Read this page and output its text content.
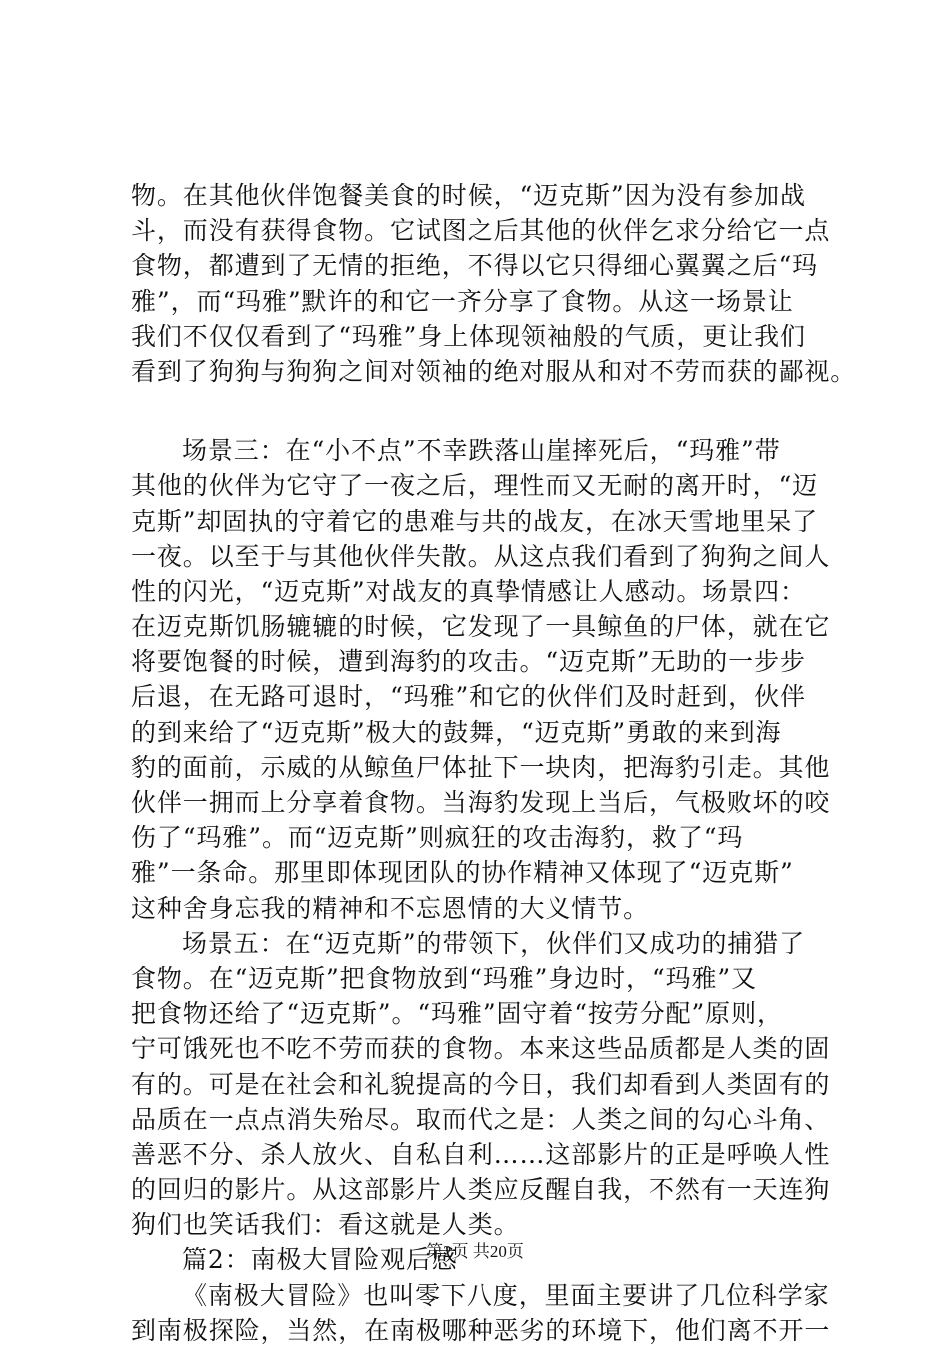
物。在其他伙伴饱餐美食的时候，“迈克斯”因为没有参加战
斗，而没有获得食物。它试图之后其他的伙伴乞求分给它一点
食物，都遭到了无情的拒绝，不得以它只得细心翼翼之后“玛
雅”，而“玛雅”默许的和它一齐分享了食物。从这一场景让
我们不仅仅看到了“玛雅”身上体现领袖般的气质，更让我们
看到了狗狗与狗狗之间对领袖的绝对服从和对不劳而获的鄙视。
场景三：在“小不点”不幸跌落山崖摔死后，“玛雅”带
其他的伙伴为它守了一夜之后，理性而又无耐的离开时，“迈
克斯”却固执的守着它的患难与共的战友，在冰天雪地里呆了
一夜。以至于与其他伙伴失散。从这点我们看到了狗狗之间人
性的闪光，“迈克斯”对战友的真挚情感让人感动。场景四：
在迈克斯饥肠辘辘的时候，它发现了一具鲸鱼的尸体，就在它
将要饱餐的时候，遭到海豹的攻击。“迈克斯”无助的一步步
后退，在无路可退时，“玛雅”和它的伙伴们及时赶到，伙伴
的到来给了“迈克斯”极大的鼓舞，“迈克斯”勇敢的来到海
豹的面前，示威的从鲸鱼尸体扯下一块肉，把海豹引走。其他
伙伴一拥而上分享着食物。当海豹发现上当后，气极败坏的咬
伤了“玛雅”。而“迈克斯”则疯狂的攻击海豹，救了“玛
雅”一条命。那里即体现团队的协作精神又体现了“迈克斯”
这种舍身忘我的精神和不忘恩情的大义情节。
场景五：在“迈克斯”的带领下，伙伴们又成功的捕猎了
食物。在“迈克斯”把食物放到“玛雅”身边时，“玛雅”又
把食物还给了“迈克斯”。“玛雅”固守着“按劳分配”原则，
宁可饿死也不吃不劳而获的食物。本来这些品质都是人类的固
有的。可是在社会和礼貌提高的今日，我们却看到人类固有的
品质在一点点消失殆尽。取而代之是：人类之间的勾心斗角、
善恶不分、杀人放火、自私自利……这部影片的正是呼唤人性
的回归的影片。从这部影片人类应反醒自我，不然有一天连狗
狗们也笑话我们：看这就是人类。
篇2：南极大冒险观后感
《南极大冒险》也叫零下八度，里面主要讲了几位科学家
到南极探险，当然，在南极哪种恶劣的环境下，他们离不开一
第2页 共20页
